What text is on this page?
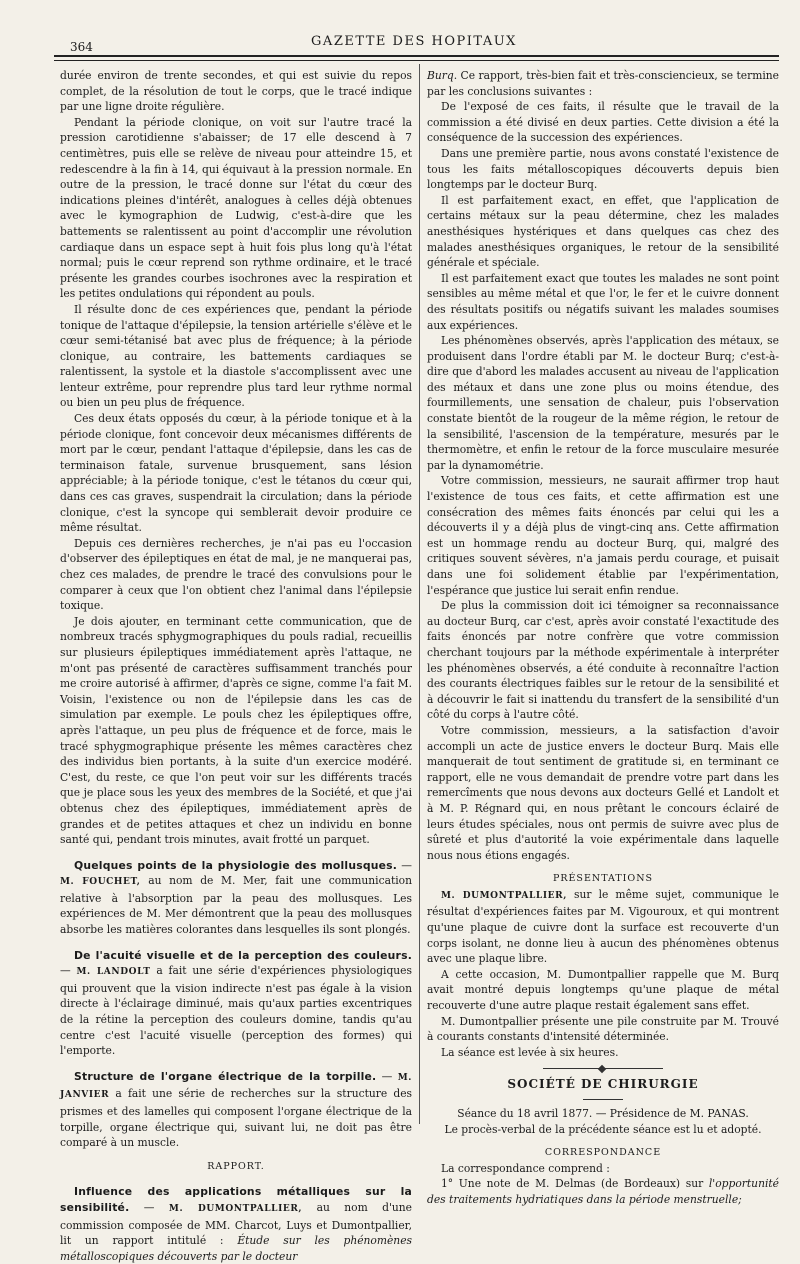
364	GAZETTE DES HOPITAUX

durée environ de trente secondes, et qui est suivie du repos complet, de la résolution de tout le corps, que le tracé indique par une ligne droite régulière.

Pendant la période clonique, on voit sur l'autre tracé la pression carotidienne s'abaisser; de 17 elle descend à 7 centimètres, puis elle se relève de niveau pour atteindre 15, et redescendre à la fin à 14, qui équivaut à la pression normale. En outre de la pression, le tracé donne sur l'état du cœur des indications pleines d'intérêt, analogues à celles déjà obtenues avec le kymographion de Ludwig, c'est-à-dire que les battements se ralentissent au point d'accomplir une révolution cardiaque dans un espace sept à huit fois plus long qu'à l'état normal; puis le cœur reprend son rythme ordinaire, et le tracé présente les grandes courbes isochrones avec la respiration et les petites ondulations qui répondent au pouls.

Il résulte donc de ces expériences que, pendant la période tonique de l'attaque d'épilepsie, la tension artérielle s'élève et le cœur semi-tétanisé bat avec plus de fréquence; à la période clonique, au contraire, les battements cardiaques se ralentissent, la systole et la diastole s'accomplissent avec une lenteur extrême, pour reprendre plus tard leur rythme normal ou bien un peu plus de fréquence.

Ces deux états opposés du cœur, à la période tonique et à la période clonique, font concevoir deux mécanismes différents de mort par le cœur, pendant l'attaque d'épilepsie, dans les cas de terminaison fatale, survenue brusquement, sans lésion appréciable; à la période tonique, c'est le tétanos du cœur qui, dans ces cas graves, suspendrait la circulation; dans la période clonique, c'est la syncope qui semblerait devoir produire ce même résultat.

Depuis ces dernières recherches, je n'ai pas eu l'occasion d'observer des épileptiques en état de mal, je ne manquerai pas, chez ces malades, de prendre le tracé des convulsions pour le comparer à ceux que l'on obtient chez l'animal dans l'épilepsie toxique.

Je dois ajouter, en terminant cette communication, que de nombreux tracés sphygmographiques du pouls radial, recueillis sur plusieurs épileptiques immédiatement après l'attaque, ne m'ont pas présenté de caractères suffisamment tranchés pour me croire autorisé à affirmer, d'après ce signe, comme l'a fait M. Voisin, l'existence ou non de l'épilepsie dans les cas de simulation par exemple. Le pouls chez les épileptiques offre, après l'attaque, un peu plus de fréquence et de force, mais le tracé sphygmographique présente les mêmes caractères chez des individus bien portants, à la suite d'un exercice modéré. C'est, du reste, ce que l'on peut voir sur les différents tracés que je place sous les yeux des membres de la Société, et que j'ai obtenus chez des épileptiques, immédiatement après de grandes et de petites attaques et chez un individu en bonne santé qui, pendant trois minutes, avait frotté un parquet.

Quelques points de la physiologie des mollusques. — M. FOUCHET, au nom de M. Mer, fait une communication relative à l'absorption par la peau des mollusques. Les expériences de M. Mer démontrent que la peau des mollusques absorbe les matières colorantes dans lesquelles ils sont plongés.

De l'acuité visuelle et de la perception des couleurs. — M. LANDOLT a fait une série d'expériences physiologiques qui prouvent que la vision indirecte n'est pas égale à la vision directe à l'éclairage diminué, mais qu'aux parties excentriques de la rétine la perception des couleurs domine, tandis qu'au centre c'est l'acuité visuelle (perception des formes) qui l'emporte.

Structure de l'organe électrique de la torpille. — M. JANVIER a fait une série de recherches sur la structure des prismes et des lamelles qui composent l'organe électrique de la torpille, organe électrique qui, suivant lui, ne doit pas être comparé à un muscle.

RAPPORT.

Influence des applications métalliques sur la sensibilité. — M. DUMONTPALLIER, au nom d'une commission composée de MM. Charcot, Luys et Dumontpallier, lit un rapport intitulé : Étude sur les phénomènes métalloscopiques découverts par le docteur

Burq. Ce rapport, très-bien fait et très-consciencieux, se termine par les conclusions suivantes :

De l'exposé de ces faits, il résulte que le travail de la commission a été divisé en deux parties. Cette division a été la conséquence de la succession des expériences.

Dans une première partie, nous avons constaté l'existence de tous les faits métalloscopiques découverts depuis bien longtemps par le docteur Burq.

Il est parfaitement exact, en effet, que l'application de certains métaux sur la peau détermine, chez les malades anesthésiques hystériques et dans quelques cas chez des malades anesthésiques organiques, le retour de la sensibilité générale et spéciale.

Il est parfaitement exact que toutes les malades ne sont point sensibles au même métal et que l'or, le fer et le cuivre donnent des résultats positifs ou négatifs suivant les malades soumises aux expériences.

Les phénomènes observés, après l'application des métaux, se produisent dans l'ordre établi par M. le docteur Burq; c'est-à-dire que d'abord les malades accusent au niveau de l'application des métaux et dans une zone plus ou moins étendue, des fourmillements, une sensation de chaleur, puis l'observation constate bientôt de la rougeur de la même région, le retour de la sensibilité, l'ascension de la température, mesurés par le thermomètre, et enfin le retour de la force musculaire mesurée par la dynamométrie.

Votre commission, messieurs, ne saurait affirmer trop haut l'existence de tous ces faits, et cette affirmation est une consécration des mêmes faits énoncés par celui qui les a découverts il y a déjà plus de vingt-cinq ans. Cette affirmation est un hommage rendu au docteur Burq, qui, malgré des critiques souvent sévères, n'a jamais perdu courage, et puisait dans une foi solidement établie par l'expérimentation, l'espérance que justice lui serait enfin rendue.

De plus la commission doit ici témoigner sa reconnaissance au docteur Burq, car c'est, après avoir constaté l'exactitude des faits énoncés par notre confrère que votre commission cherchant toujours par la méthode expérimentale à interpréter les phénomènes observés, a été conduite à reconnaître l'action des courants électriques faibles sur le retour de la sensibilité et à découvrir le fait si inattendu du transfert de la sensibilité d'un côté du corps à l'autre côté.

Votre commission, messieurs, a la satisfaction d'avoir accompli un acte de justice envers le docteur Burq. Mais elle manquerait de tout sentiment de gratitude si, en terminant ce rapport, elle ne vous demandait de prendre votre part dans les remercîments que nous devons aux docteurs Gellé et Landolt et à M. P. Régnard qui, en nous prêtant le concours éclairé de leurs études spéciales, nous ont permis de suivre avec plus de sûreté et plus d'autorité la voie expérimentale dans laquelle nous nous étions engagés.

PRÉSENTATIONS

M. DUMONTPALLIER, sur le même sujet, communique le résultat d'expériences faites par M. Vigouroux, et qui montrent qu'une plaque de cuivre dont la surface est recouverte d'un corps isolant, ne donne lieu à aucun des phénomènes obtenus avec une plaque libre.

A cette occasion, M. Dumontpallier rappelle que M. Burq avait montré depuis longtemps qu'une plaque de métal recouverte d'une autre plaque restait également sans effet.

M. Dumontpallier présente une pile construite par M. Trouvé à courants constants d'intensité déterminée.

La séance est levée à six heures.

SOCIÉTÉ DE CHIRURGIE

Séance du 18 avril 1877. — Présidence de M. PANAS.

Le procès-verbal de la précédente séance est lu et adopté.

CORRESPONDANCE

La correspondance comprend :

1° Une note de M. Delmas (de Bordeaux) sur l'opportunité des traitements hydriatiques dans la période menstruelle;
